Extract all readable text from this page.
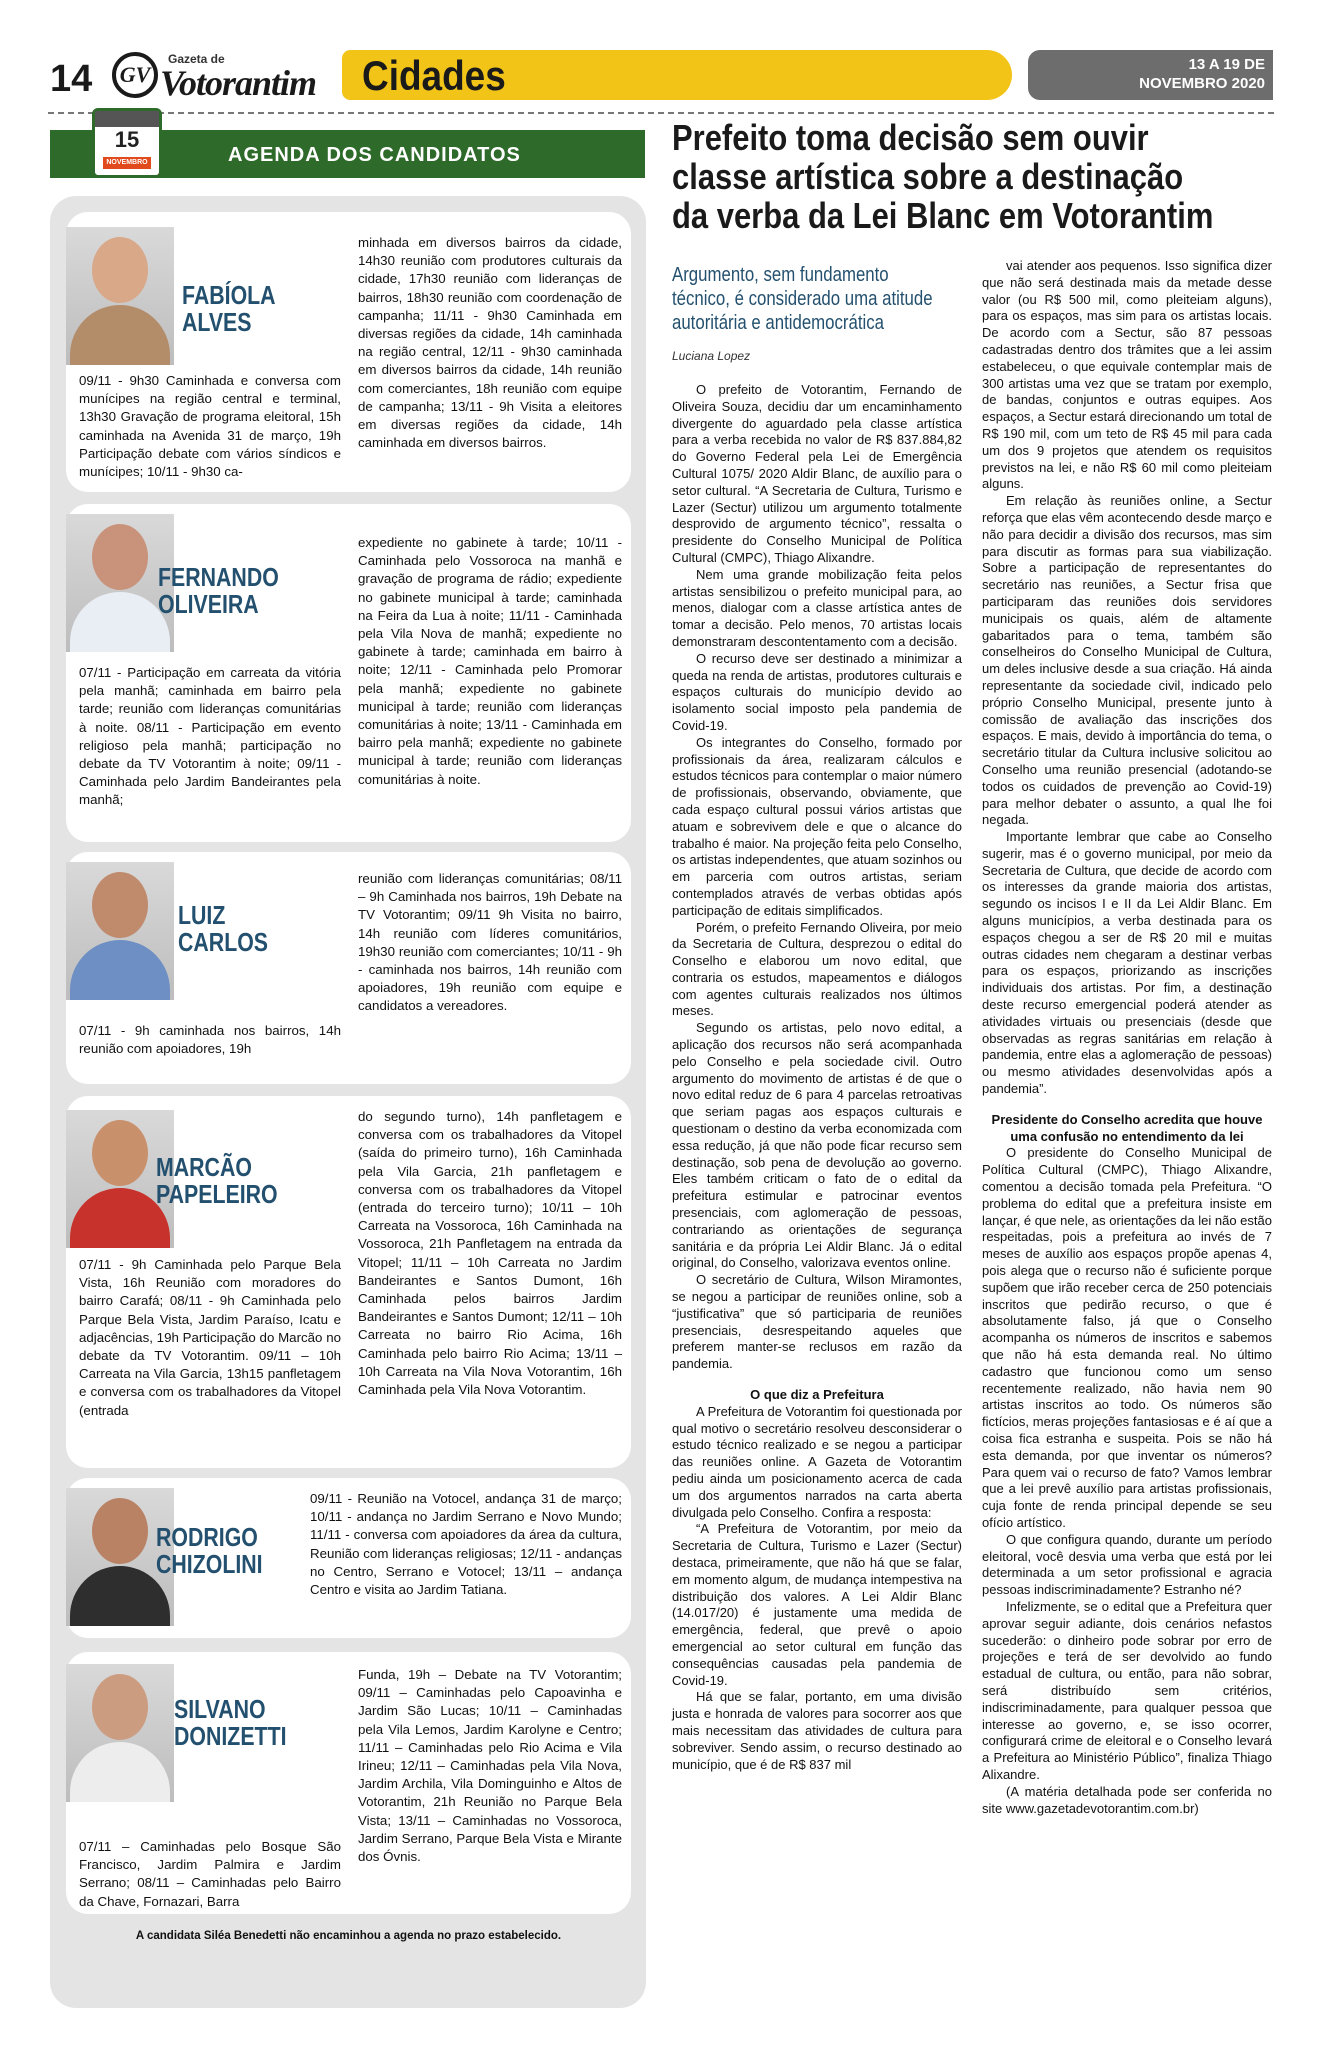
14	GV
Gazeta de
Votorantim Cidades	13 A 19 DE
NOVEMBRO 2020
AGENDA DOS CANDIDATOS
15
NOVEMBRO
FABÍOLA
ALVES
09/11 - 9h30 Caminhada e conversa com munícipes na região central e terminal, 13h30 Gravação de programa eleitoral, 15h caminhada na Avenida 31 de março, 19h Participação debate com vários síndicos e munícipes; 10/11 - 9h30 ca-
minhada em diversos bairros da cidade, 14h30 reunião com produtores culturais da cidade, 17h30 reunião com lideranças de bairros, 18h30 reunião com coordenação de campanha; 11/11 - 9h30 Caminhada em diversas regiões da cidade, 14h caminhada na região central, 12/11 - 9h30 caminhada em diversos bairros da cidade, 14h reunião com comerciantes, 18h reunião com equipe de campanha; 13/11 - 9h Visita a eleitores em diversas regiões da cidade, 14h caminhada em diversos bairros.
FERNANDO
OLIVEIRA
07/11 - Participação em carreata da vitória pela manhã; caminhada em bairro pela tarde; reunião com lideranças comunitárias à noite. 08/11 - Participação em evento religioso pela manhã; participação no debate da TV Votorantim à noite; 09/11 - Caminhada pelo Jardim Bandeirantes pela manhã;
expediente no gabinete à tarde; 10/11 - Caminhada pelo Vossoroca na manhã e gravação de programa de rádio; expediente no gabinete municipal à tarde; caminhada na Feira da Lua à noite; 11/11 - Caminhada pela Vila Nova de manhã; expediente no gabinete à tarde; caminhada em bairro à noite; 12/11 - Caminhada pelo Promorar pela manhã; expediente no gabinete municipal à tarde; reunião com lideranças comunitárias à noite; 13/11 - Caminhada em bairro pela manhã; expediente no gabinete municipal à tarde; reunião com lideranças comunitárias à noite.
LUIZ
CARLOS
07/11 - 9h caminhada nos bairros, 14h reunião com apoiadores, 19h
reunião com lideranças comunitárias; 08/11 – 9h Caminhada nos bairros, 19h Debate na TV Votorantim; 09/11 9h Visita no bairro, 14h reunião com líderes comunitários, 19h30 reunião com comerciantes; 10/11 - 9h - caminhada nos bairros, 14h reunião com apoiadores, 19h reunião com equipe e candidatos a vereadores.
MARCÃO
PAPELEIRO
07/11 - 9h Caminhada pelo Parque Bela Vista, 16h Reunião com moradores do bairro Carafá; 08/11 - 9h Caminhada pelo Parque Bela Vista, Jardim Paraíso, Icatu e adjacências, 19h Participação do Marcão no debate da TV Votorantim. 09/11 – 10h Carreata na Vila Garcia, 13h15 panfletagem e conversa com os trabalhadores da Vitopel (entrada
do segundo turno), 14h panfletagem e conversa com os trabalhadores da Vitopel (saída do primeiro turno), 16h Caminhada pela Vila Garcia, 21h panfletagem e conversa com os trabalhadores da Vitopel (entrada do terceiro turno); 10/11 – 10h Carreata na Vossoroca, 16h Caminhada na Vossoroca, 21h Panfletagem na entrada da Vitopel; 11/11 – 10h Carreata no Jardim Bandeirantes e Santos Dumont, 16h Caminhada pelos bairros Jardim Bandeirantes e Santos Dumont; 12/11 – 10h Carreata no bairro Rio Acima, 16h Caminhada pelo bairro Rio Acima; 13/11 – 10h Carreata na Vila Nova Votorantim, 16h Caminhada pela Vila Nova Votorantim.
RODRIGO
CHIZOLINI
09/11 - Reunião na Votocel, andança 31 de março; 10/11 - andança no Jardim Serrano e Novo Mundo; 11/11 - conversa com apoiadores da área da cultura, Reunião com lideranças religiosas; 12/11 - andanças no Centro, Serrano e Votocel; 13/11 – andança Centro e visita ao Jardim Tatiana.
SILVANO
DONIZETTI
07/11 – Caminhadas pelo Bosque São Francisco, Jardim Palmira e Jardim Serrano; 08/11 – Caminhadas pelo Bairro da Chave, Fornazari, Barra
Funda, 19h – Debate na TV Votorantim; 09/11 – Caminhadas pelo Capoavinha e Jardim São Lucas; 10/11 – Caminhadas pela Vila Lemos, Jardim Karolyne e Centro; 11/11 – Caminhadas pelo Rio Acima e Vila Irineu; 12/11 – Caminhadas pela Vila Nova, Jardim Archila, Vila Dominguinho e Altos de Votorantim, 21h Reunião no Parque Bela Vista; 13/11 – Caminhadas no Vossoroca, Jardim Serrano, Parque Bela Vista e Mirante dos Óvnis.
A candidata Siléa Benedetti não encaminhou a agenda no prazo estabelecido.
Prefeito toma decisão sem ouvir
classe artística sobre a destinação
da verba da Lei Blanc em Votorantim
Argumento, sem fundamento
técnico, é considerado uma atitude
autoritária e antidemocrática
Luciana Lopez

O prefeito de Votorantim, Fernando de Oliveira Souza, decidiu dar um encaminhamento divergente do aguardado pela classe artística para a verba recebida no valor de R$ 837.884,82 do Governo Federal pela Lei de Emergência Cultural 1075/ 2020 Aldir Blanc, de auxílio para o setor cultural. “A Secretaria de Cultura, Turismo e Lazer (Sectur) utilizou um argumento totalmente desprovido de argumento técnico”, ressalta o presidente do Conselho Municipal de Política Cultural (CMPC), Thiago Alixandre.

Nem uma grande mobilização feita pelos artistas sensibilizou o prefeito municipal para, ao menos, dialogar com a classe artística antes de tomar a decisão. Pelo menos, 70 artistas locais demonstraram descontentamento com a decisão.

O recurso deve ser destinado a minimizar a queda na renda de artistas, produtores culturais e espaços culturais do município devido ao isolamento social imposto pela pandemia de Covid-19.

Os integrantes do Conselho, formado por profissionais da área, realizaram cálculos e estudos técnicos para contemplar o maior número de profissionais, observando, obviamente, que cada espaço cultural possui vários artistas que atuam e sobrevivem dele e que o alcance do trabalho é maior. Na projeção feita pelo Conselho, os artistas independentes, que atuam sozinhos ou em parceria com outros artistas, seriam contemplados através de verbas obtidas após participação de editais simplificados.

Porém, o prefeito Fernando Oliveira, por meio da Secretaria de Cultura, desprezou o edital do Conselho e elaborou um novo edital, que contraria os estudos, mapeamentos e diálogos com agentes culturais realizados nos últimos meses.

Segundo os artistas, pelo novo edital, a aplicação dos recursos não será acompanhada pelo Conselho e pela sociedade civil. Outro argumento do movimento de artistas é de que o novo edital reduz de 6 para 4 parcelas retroativas que seriam pagas aos espaços culturais e questionam o destino da verba economizada com essa redução, já que não pode ficar recurso sem destinação, sob pena de devolução ao governo. Eles também criticam o fato de o edital da prefeitura estimular e patrocinar eventos presenciais, com aglomeração de pessoas, contrariando as orientações de segurança sanitária e da própria Lei Aldir Blanc. Já o edital original, do Conselho, valorizava eventos online.

O secretário de Cultura, Wilson Miramontes, se negou a participar de reuniões online, sob a “justificativa” que só participaria de reuniões presenciais, desrespeitando aqueles que preferem manter-se reclusos em razão da pandemia.

O que diz a Prefeitura

A Prefeitura de Votorantim foi questionada por qual motivo o secretário resolveu desconsiderar o estudo técnico realizado e se negou a participar das reuniões online. A Gazeta de Votorantim pediu ainda um posicionamento acerca de cada um dos argumentos narrados na carta aberta divulgada pelo Conselho. Confira a resposta:

“A Prefeitura de Votorantim, por meio da Secretaria de Cultura, Turismo e Lazer (Sectur) destaca, primeiramente, que não há que se falar, em momento algum, de mudança intempestiva na distribuição dos valores. A Lei Aldir Blanc (14.017/20) é justamente uma medida de emergência, federal, que prevê o apoio emergencial ao setor cultural em função das consequências causadas pela pandemia de Covid-19.

Há que se falar, portanto, em uma divisão justa e honrada de valores para socorrer aos que mais necessitam das atividades de cultura para sobreviver. Sendo assim, o recurso destinado ao município, que é de R$ 837 mil

vai atender aos pequenos. Isso significa dizer que não será destinada mais da metade desse valor (ou R$ 500 mil, como pleiteiam alguns), para os espaços, mas sim para os artistas locais. De acordo com a Sectur, são 87 pessoas cadastradas dentro dos trâmites que a lei assim estabeleceu, o que equivale contemplar mais de 300 artistas uma vez que se tratam por exemplo, de bandas, conjuntos e outras equipes. Aos espaços, a Sectur estará direcionando um total de R$ 190 mil, com um teto de R$ 45 mil para cada um dos 9 projetos que atendem os requisitos previstos na lei, e não R$ 60 mil como pleiteiam alguns.

Em relação às reuniões online, a Sectur reforça que elas vêm acontecendo desde março e não para decidir a divisão dos recursos, mas sim para discutir as formas para sua viabilização. Sobre a participação de representantes do secretário nas reuniões, a Sectur frisa que participaram das reuniões dois servidores municipais os quais, além de altamente gabaritados para o tema, também são conselheiros do Conselho Municipal de Cultura, um deles inclusive desde a sua criação. Há ainda representante da sociedade civil, indicado pelo próprio Conselho Municipal, presente junto à comissão de avaliação das inscrições dos espaços. E mais, devido à importância do tema, o secretário titular da Cultura inclusive solicitou ao Conselho uma reunião presencial (adotando-se todos os cuidados de prevenção ao Covid-19) para melhor debater o assunto, a qual lhe foi negada.

Importante lembrar que cabe ao Conselho sugerir, mas é o governo municipal, por meio da Secretaria de Cultura, que decide de acordo com os interesses da grande maioria dos artistas, segundo os incisos I e II da Lei Aldir Blanc. Em alguns municípios, a verba destinada para os espaços chegou a ser de R$ 20 mil e muitas outras cidades nem chegaram a destinar verbas para os espaços, priorizando as inscrições individuais dos artistas. Por fim, a destinação deste recurso emergencial poderá atender as atividades virtuais ou presenciais (desde que observadas as regras sanitárias em relação à pandemia, entre elas a aglomeração de pessoas) ou mesmo atividades desenvolvidas após a pandemia”.

Presidente do Conselho acredita que houve uma confusão no entendimento da lei

O presidente do Conselho Municipal de Política Cultural (CMPC), Thiago Alixandre, comentou a decisão tomada pela Prefeitura. “O problema do edital que a prefeitura insiste em lançar, é que nele, as orientações da lei não estão respeitadas, pois a prefeitura ao invés de 7 meses de auxílio aos espaços propõe apenas 4, pois alega que o recurso não é suficiente porque supõem que irão receber cerca de 250 potenciais inscritos que pedirão recurso, o que é absolutamente falso, já que o Conselho acompanha os números de inscritos e sabemos que não há esta demanda real. No último cadastro que funcionou como um senso recentemente realizado, não havia nem 90 artistas inscritos ao todo. Os números são fictícios, meras projeções fantasiosas e é aí que a coisa fica estranha e suspeita. Pois se não há esta demanda, por que inventar os números? Para quem vai o recurso de fato? Vamos lembrar que a lei prevê auxílio para artistas profissionais, cuja fonte de renda principal depende se seu ofício artístico.

O que configura quando, durante um período eleitoral, você desvia uma verba que está por lei determinada a um setor profissional e agracia pessoas indiscriminadamente? Estranho né?

Infelizmente, se o edital que a Prefeitura quer aprovar seguir adiante, dois cenários nefastos sucederão: o dinheiro pode sobrar por erro de projeções e terá de ser devolvido ao fundo estadual de cultura, ou então, para não sobrar, será distribuído sem critérios, indiscriminadamente, para qualquer pessoa que interesse ao governo, e, se isso ocorrer, configurará crime de eleitoral e o Conselho levará a Prefeitura ao Ministério Público”, finaliza Thiago Alixandre.

(A matéria detalhada pode ser conferida no site www.gazetadevotorantim.com.br)
